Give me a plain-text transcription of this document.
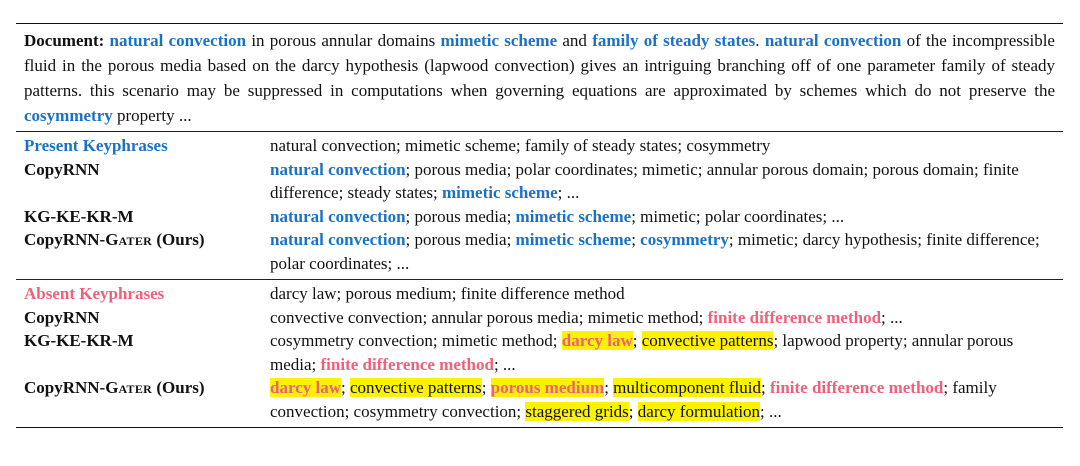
Document: natural convection in porous annular domains mimetic scheme and family of steady states. natural convection of the incompressible fluid in the porous media based on the darcy hypothesis (lapwood convection) gives an intriguing branching off of one parameter family of steady patterns. this scenario may be suppressed in computations when governing equations are approximated by schemes which do not preserve the cosymmetry property ...
Present Keyphrases	natural convection; mimetic scheme; family of steady states; cosymmetry
CopyRNN	natural convection; porous media; polar coordinates; mimetic; annular porous domain; porous domain; finite difference; steady states; mimetic scheme; ...
KG-KE-KR-M	natural convection; porous media; mimetic scheme; mimetic; polar coordinates; ...
CopyRNN-GATER (Ours)	natural convection; porous media; mimetic scheme; cosymmetry; mimetic; darcy hypothesis; finite difference; polar coordinates; ...
Absent Keyphrases	darcy law; porous medium; finite difference method
CopyRNN	convective convection; annular porous media; mimetic method; finite difference method; ...
KG-KE-KR-M	cosymmetry convection; mimetic method; darcy law; convective patterns; lapwood property; annular porous media; finite difference method; ...
CopyRNN-GATER (Ours)	darcy law; convective patterns; porous medium; multicomponent fluid; finite difference method; family convection; cosymmetry convection; staggered grids; darcy formulation; ...
